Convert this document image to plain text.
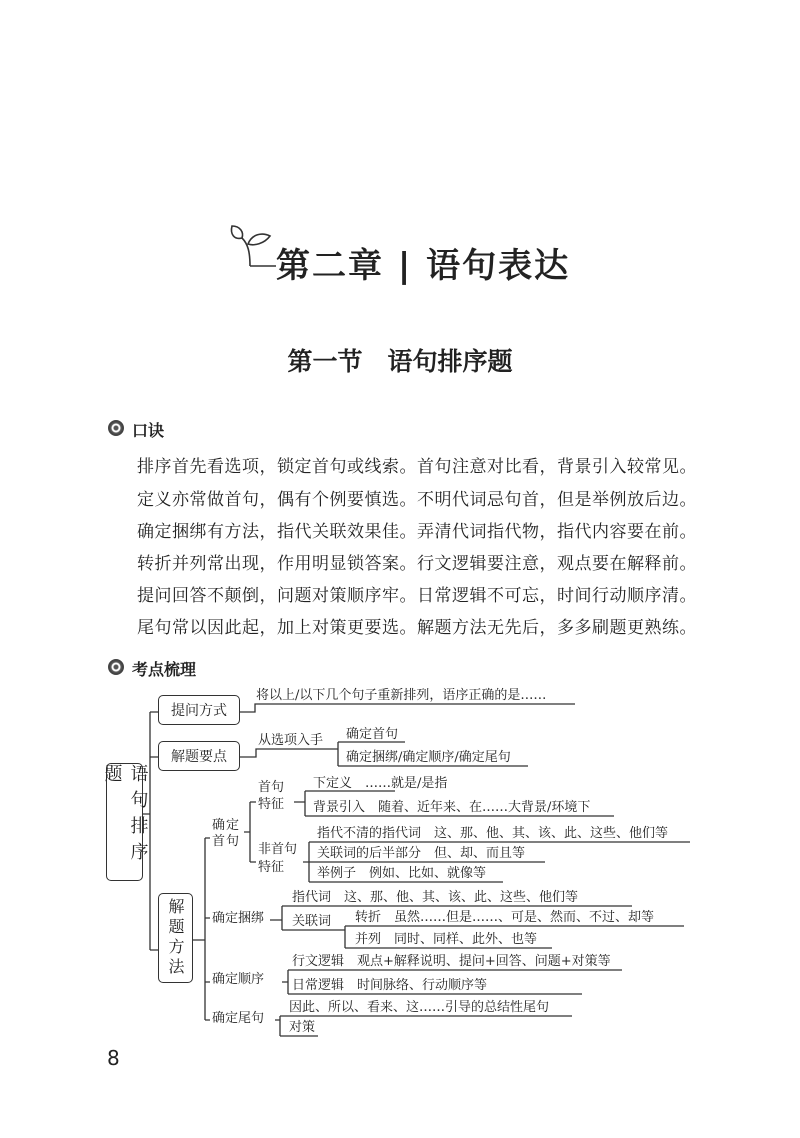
第二章 | 语句表达
第一节　语句排序题
口诀
排序首先看选项，锁定首句或线索。首句注意对比看，背景引入较常见。
定义亦常做首句，偶有个例要慎选。不明代词忌句首，但是举例放后边。
确定捆绑有方法，指代关联效果佳。弄清代词指代物，指代内容要在前。
转折并列常出现，作用明显锁答案。行文逻辑要注意，观点要在解释前。
提问回答不颠倒，问题对策顺序牢。日常逻辑不可忘，时间行动顺序清。
尾句常以因此起，加上对策更要选。解题方法无先后，多多刷题更熟练。
考点梳理
语句排序题
提问方式
将以上/以下几个句子重新排列，语序正确的是……
解题要点
从选项入手 确定首句
确定捆绑/确定顺序/确定尾句
解题方法
确定首句
首句特征
下定义　……就是/是指
背景引入　随着、近年来、在……大背景/环境下
非首句特征
指代不清的指代词　这、那、他、其、该、此、这些、他们等
关联词的后半部分　但、却、而且等
举例子　例如、比如、就像等
确定捆绑
指代词　这、那、他、其、该、此、这些、他们等
关联词 转折　虽然……但是……、可是、然而、不过、却等
并列　同时、同样、此外、也等
确定顺序
行文逻辑　观点+解释说明、提问+回答、问题+对策等
日常逻辑　时间脉络、行动顺序等
确定尾句
因此、所以、看来、这……引导的总结性尾句
对策
8
